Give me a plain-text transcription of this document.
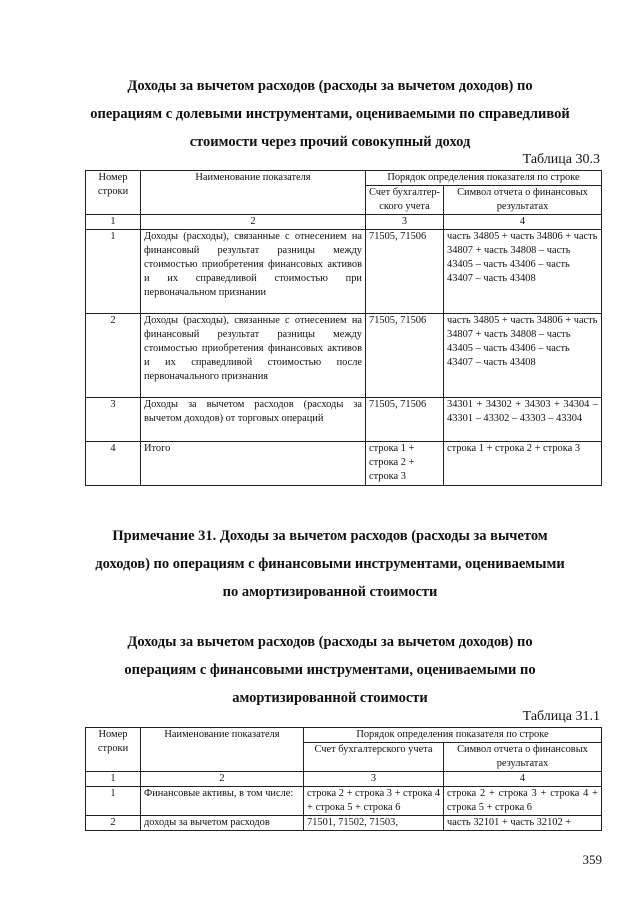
Доходы за вычетом расходов (расходы за вычетом доходов) по
операциям с долевыми инструментами, оцениваемыми по справедливой
стоимости через прочий совокупный доход
Таблица 30.3
Номер строки	Наименование показателя	Порядок определения показателя по строке	
		Счет бухгалтер-ского учета	Символ отчета о финансовых результатах
1	2	3	4
1	Доходы (расходы), связанные с отнесением на финансовый результат разницы между стоимостью приобретения финансовых активов и их справедливой стоимостью при первоначальном признании	71505, 71506	часть 34805 + часть 34806 + часть 34807 + часть 34808 – часть 43405 – часть 43406 – часть 43407 – часть 43408
2	Доходы (расходы), связанные с отнесением на финансовый результат разницы между стоимостью приобретения финансовых активов и их справедливой стоимостью после первоначального признания	71505, 71506	часть 34805 + часть 34806 + часть 34807 + часть 34808 – часть 43405 – часть 43406 – часть 43407 – часть 43408
3	Доходы за вычетом расходов (расходы за вычетом доходов) от торговых операций	71505, 71506	34301 + 34302 + 34303 + 34304 – 43301 – 43302 – 43303 – 43304
4	Итого	строка 1 + строка 2 + строка 3	строка 1 + строка 2 + строка 3
Примечание 31. Доходы за вычетом расходов (расходы за вычетом
доходов) по операциям с финансовыми инструментами, оцениваемыми
по амортизированной стоимости
Доходы за вычетом расходов (расходы за вычетом доходов) по
операциям с финансовыми инструментами, оцениваемыми по
амортизированной стоимости
Таблица 31.1
Номер строки	Наименование показателя	Порядок определения показателя по строке	
		Счет бухгалтерского учета	Символ отчета о финансовых результатах
1	2	3	4
1	Финансовые активы, в том числе:	строка 2 + строка 3 + строка 4 + строка 5 + строка 6	строка 2 + строка 3 + строка 4 + строка 5 + строка 6
2	доходы за вычетом расходов	71501, 71502, 71503,	часть 32101 + часть 32102 +
359
